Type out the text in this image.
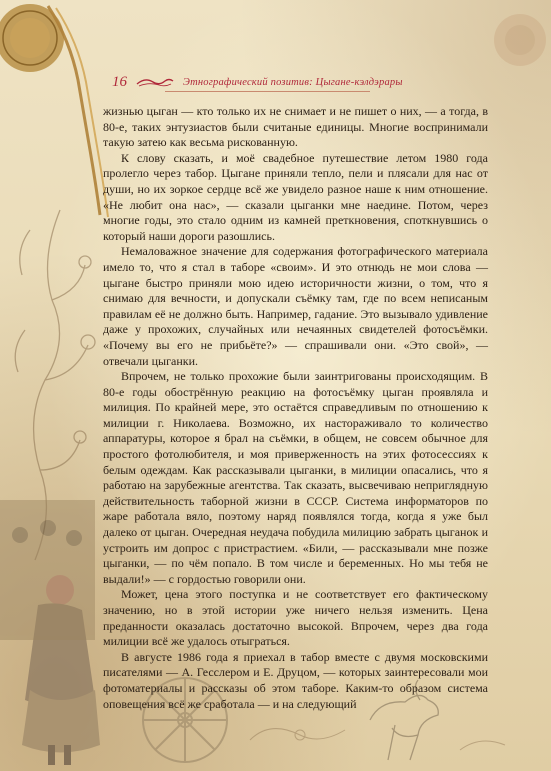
16	Этнографический позитив: Цыгане-кэлдэрары

жизнью цыган — кто только их не снимает и не пишет о них, — а тогда, в 80-е, таких энтузиастов были считаные единицы. Многие воспринимали такую затею как весьма рискованную.

К слову сказать, и моё свадебное путешествие летом 1980 года пролегло через табор. Цыгане приняли тепло, пели и плясали для нас от души, но их зоркое сердце всё же увидело разное наше к ним отношение. «Не любит она нас», — сказали цыганки мне наедине. Потом, через многие годы, это стало одним из камней преткновения, споткнувшись о который наши дороги разошлись.

Немаловажное значение для содержания фотографического материала имело то, что я стал в таборе «своим». И это отнюдь не мои слова — цыгане быстро приняли мою идею историчности жизни, о том, что я снимаю для вечности, и допускали съёмку там, где по всем неписаным правилам её не должно быть. Например, гадание. Это вызывало удивление даже у прохожих, случайных или нечаянных свидетелей фотосъёмки. «Почему вы его не прибьёте?» — спрашивали они. «Это свой», — отвечали цыганки.

Впрочем, не только прохожие были заинтригованы происходящим. В 80-е годы обострённую реакцию на фотосъёмку цыган проявляла и милиция. По крайней мере, это остаётся справедливым по отношению к милиции г. Николаева. Возможно, их настораживало то количество аппаратуры, которое я брал на съёмки, в общем, не совсем обычное для простого фотолюбителя, и моя приверженность на этих фотосессиях к белым одеждам. Как рассказывали цыганки, в милиции опасались, что я работаю на зарубежные агентства. Так сказать, высвечиваю неприглядную действительность таборной жизни в СССР. Система информаторов по жаре работала вяло, поэтому наряд появлялся тогда, когда я уже был далеко от цыган. Очередная неудача побудила милицию забрать цыганок и устроить им допрос с пристрастием. «Били, — рассказывали мне позже цыганки, — по чём попало. В том числе и беременных. Но мы тебя не выдали!» — с гордостью говорили они.

Может, цена этого поступка и не соответствует его фактическому значению, но в этой истории уже ничего нельзя изменить. Цена преданности оказалась достаточно высокой. Впрочем, через два года милиции всё же удалось отыграться.

В августе 1986 года я приехал в табор вместе с двумя московскими писателями — А. Гесслером и Е. Друцом, — которых заинтересовали мои фотоматериалы и рассказы об этом таборе. Каким-то образом система оповещения всё же сработала — и на следующий
